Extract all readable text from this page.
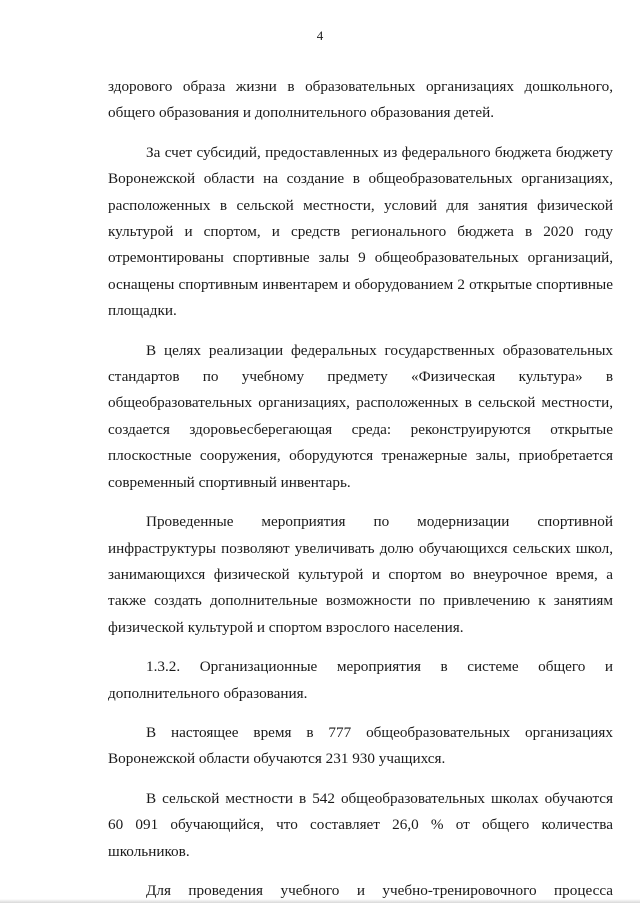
4

здорового образа жизни в образовательных организациях дошкольного, общего образования и дополнительного образования детей.

За счет субсидий, предоставленных из федерального бюджета бюджету Воронежской области на создание в общеобразовательных организациях, расположенных в сельской местности, условий для занятия физической культурой и спортом, и средств регионального бюджета в 2020 году отремонтированы спортивные залы 9 общеобразовательных организаций, оснащены спортивным инвентарем и оборудованием 2 открытые спортивные площадки.

В целях реализации федеральных государственных образовательных стандартов по учебному предмету «Физическая культура» в общеобразовательных организациях, расположенных в сельской местности, создается здоровьесберегающая среда: реконструируются открытые плоскостные сооружения, оборудуются тренажерные залы, приобретается современный спортивный инвентарь.

Проведенные мероприятия по модернизации спортивной инфраструктуры позволяют увеличивать долю обучающихся сельских школ, занимающихся физической культурой и спортом во внеурочное время, а также создать дополнительные возможности по привлечению к занятиям физической культурой и спортом взрослого населения.

1.3.2. Организационные мероприятия в системе общего и дополнительного образования.

В настоящее время в 777 общеобразовательных организациях Воронежской области обучаются 231 930 учащихся.

В сельской местности в 542 общеобразовательных школах обучаются 60 091 обучающийся, что составляет 26,0 % от общего количества школьников.

Для проведения учебного и учебно-тренировочного процесса
